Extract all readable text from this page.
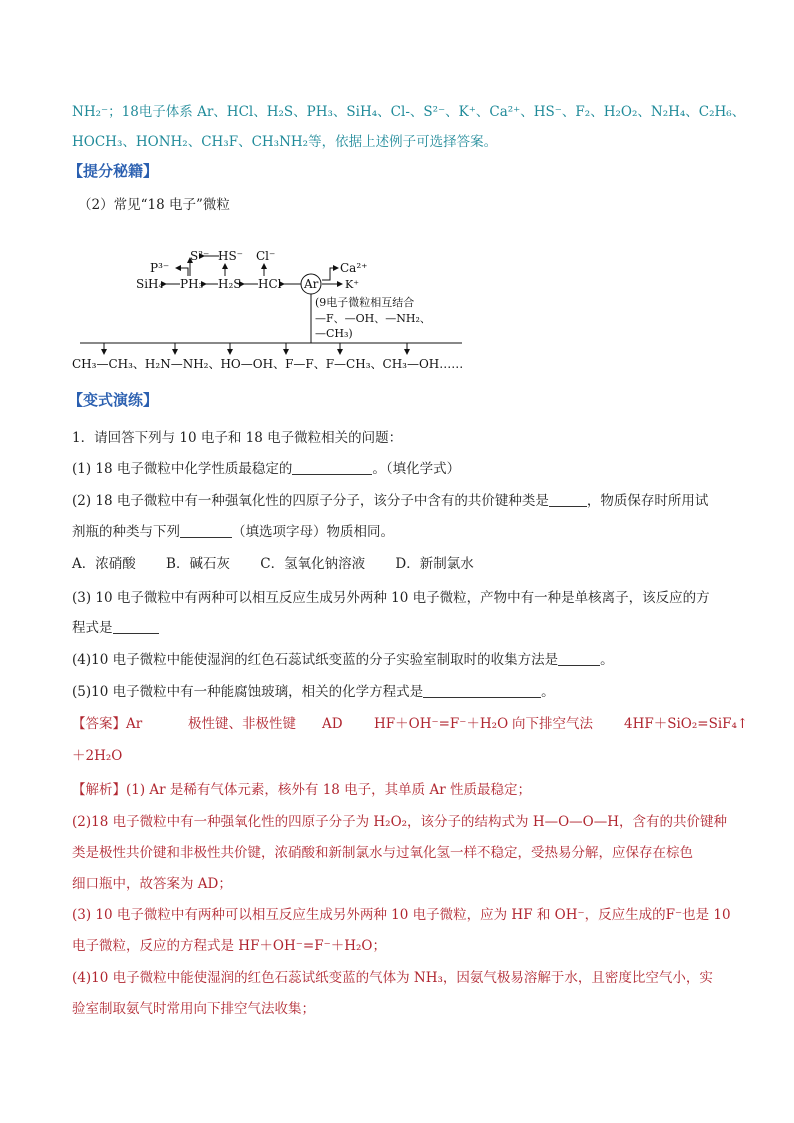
NH₂⁻；18电子体系 Ar、HCl、H₂S、PH₃、SiH₄、Cl-、S²⁻、K⁺、Ca²⁺、HS⁻、F₂、H₂O₂、N₂H₄、C₂H₆、
HOCH₃、HONH₂、CH₃F、CH₃NH₂等，依据上述例子可选择答案。
【提分秘籍】
（2）常见“18 电子”微粒
S²⁻ HS⁻ Cl⁻
P³⁻	Ca²⁺
SiH₄ PH₃ H₂S HCl	K⁺
Ar
(9电子微粒相互结合
—F、—OH、—NH₂、
—CH₃)
CH₃—CH₃、H₂N—NH₂、HO—OH、F—F、F—CH₃、CH₃—OH……
【变式演练】
1．请回答下列与 10 电子和 18 电子微粒相关的问题：
(1) 18 电子微粒中化学性质最稳定的	。（填化学式）
(2) 18 电子微粒中有一种强氧化性的四原子分子，该分子中含有的共价键种类是	，物质保存时所用试
剂瓶的种类与下列	（填选项字母）物质相同。
A．浓硝酸 B．碱石灰 C．氢氧化钠溶液 D．新制氯水
(3) 10 电子微粒中有两种可以相互反应生成另外两种 10 电子微粒，产物中有一种是单核离子，该反应的方
程式是
(4)10 电子微粒中能使湿润的红色石蕊试纸变蓝的分子实验室制取时的收集方法是	。
(5)10 电子微粒中有一种能腐蚀玻璃，相关的化学方程式是	。
【答案】Ar	极性键、非极性键 AD HF＋OH⁻=F⁻＋H₂O 向下排空气法 4HF＋SiO₂=SiF₄↑
＋2H₂O
【解析】(1) Ar 是稀有气体元素，核外有 18 电子，其单质 Ar 性质最稳定；
(2)18 电子微粒中有一种强氧化性的四原子分子为 H₂O₂，该分子的结构式为 H—O—O—H，含有的共价键种
类是极性共价键和非极性共价键，浓硝酸和新制氯水与过氧化氢一样不稳定，受热易分解，应保存在棕色
细口瓶中，故答案为 AD；
(3) 10 电子微粒中有两种可以相互反应生成另外两种 10 电子微粒，应为 HF 和 OH⁻，反应生成的F⁻也是 10
电子微粒，反应的方程式是 HF＋OH⁻=F⁻＋H₂O；
(4)10 电子微粒中能使湿润的红色石蕊试纸变蓝的气体为 NH₃，因氨气极易溶解于水，且密度比空气小，实
验室制取氨气时常用向下排空气法收集；
